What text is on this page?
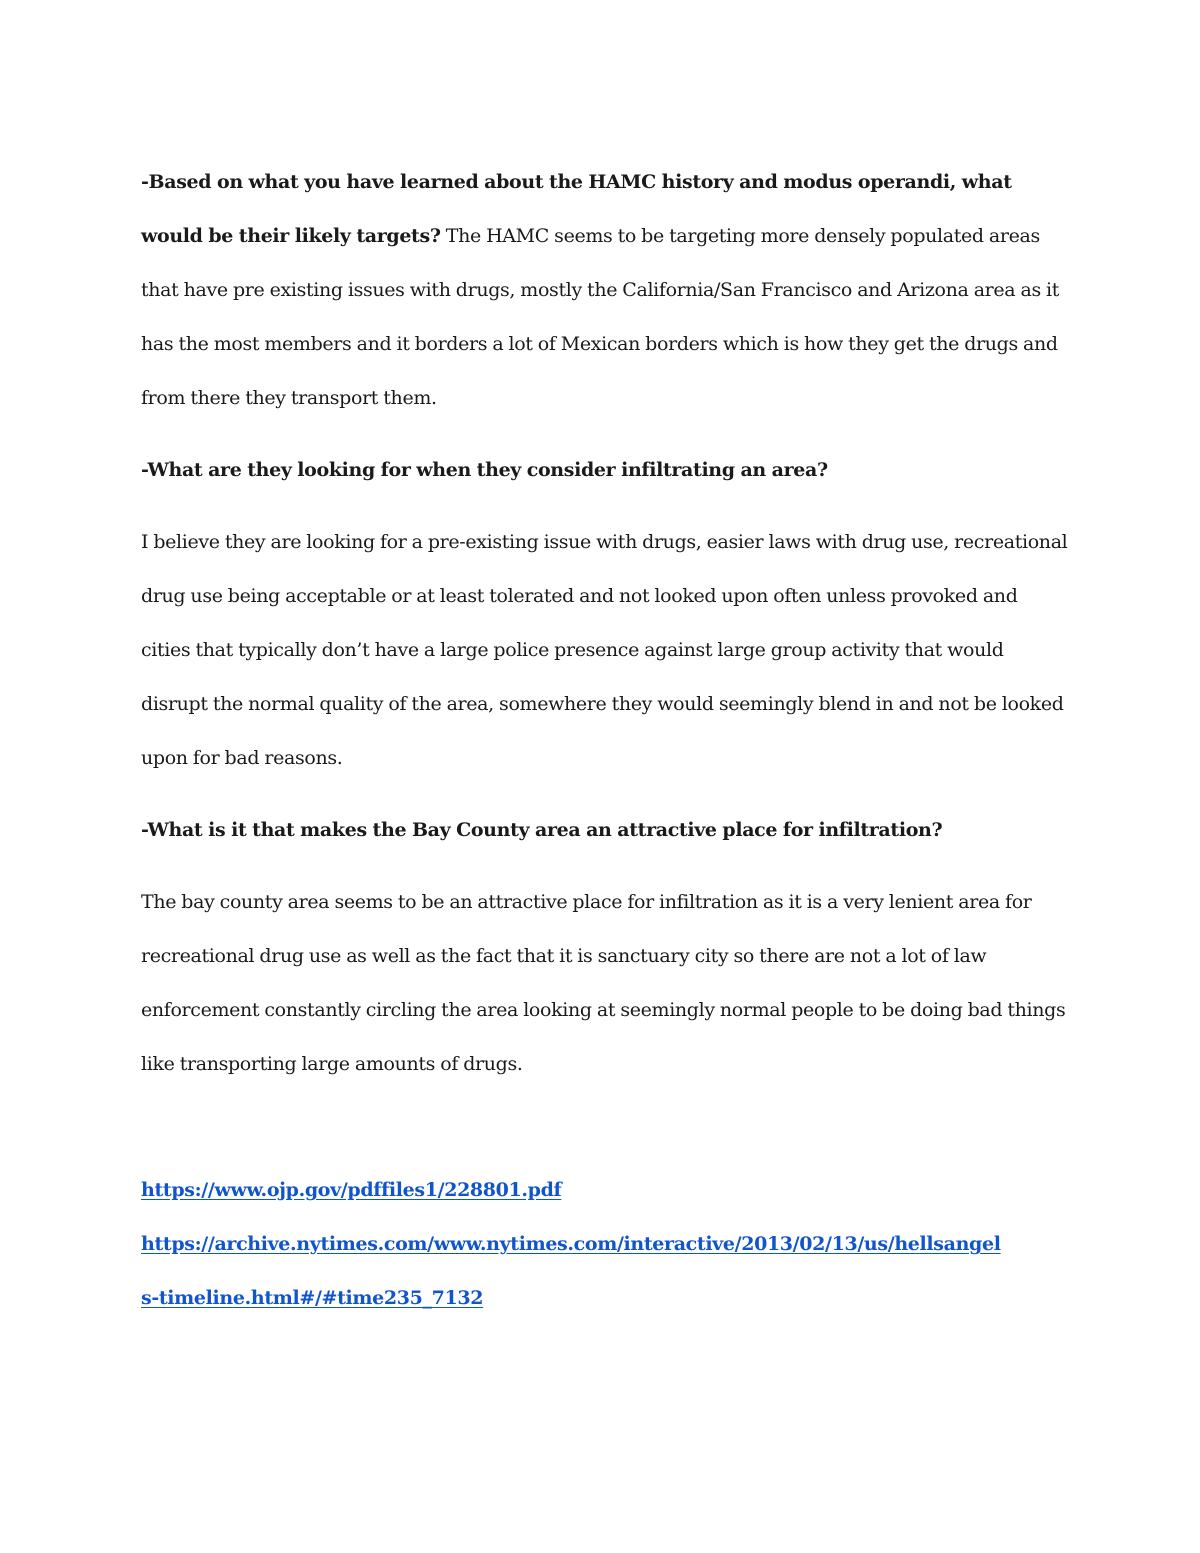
-Based on what you have learned about the HAMC history and modus operandi, what would be their likely targets? The HAMC seems to be targeting more densely populated areas that have pre existing issues with drugs, mostly the California/San Francisco and Arizona area as it has the most members and it borders a lot of Mexican borders which is how they get the drugs and from there they transport them.

-What are they looking for when they consider infiltrating an area?

I believe they are looking for a pre-existing issue with drugs, easier laws with drug use, recreational drug use being acceptable or at least tolerated and not looked upon often unless provoked and cities that typically don’t have a large police presence against large group activity that would disrupt the normal quality of the area, somewhere they would seemingly blend in and not be looked upon for bad reasons.

-What is it that makes the Bay County area an attractive place for infiltration?

The bay county area seems to be an attractive place for infiltration as it is a very lenient area for recreational drug use as well as the fact that it is sanctuary city so there are not a lot of law enforcement constantly circling the area looking at seemingly normal people to be doing bad things like transporting large amounts of drugs.

https://www.ojp.gov/pdffiles1/228801.pdf

https://archive.nytimes.com/www.nytimes.com/interactive/2013/02/13/us/hellsangels-timeline.html#/#time235_7132
